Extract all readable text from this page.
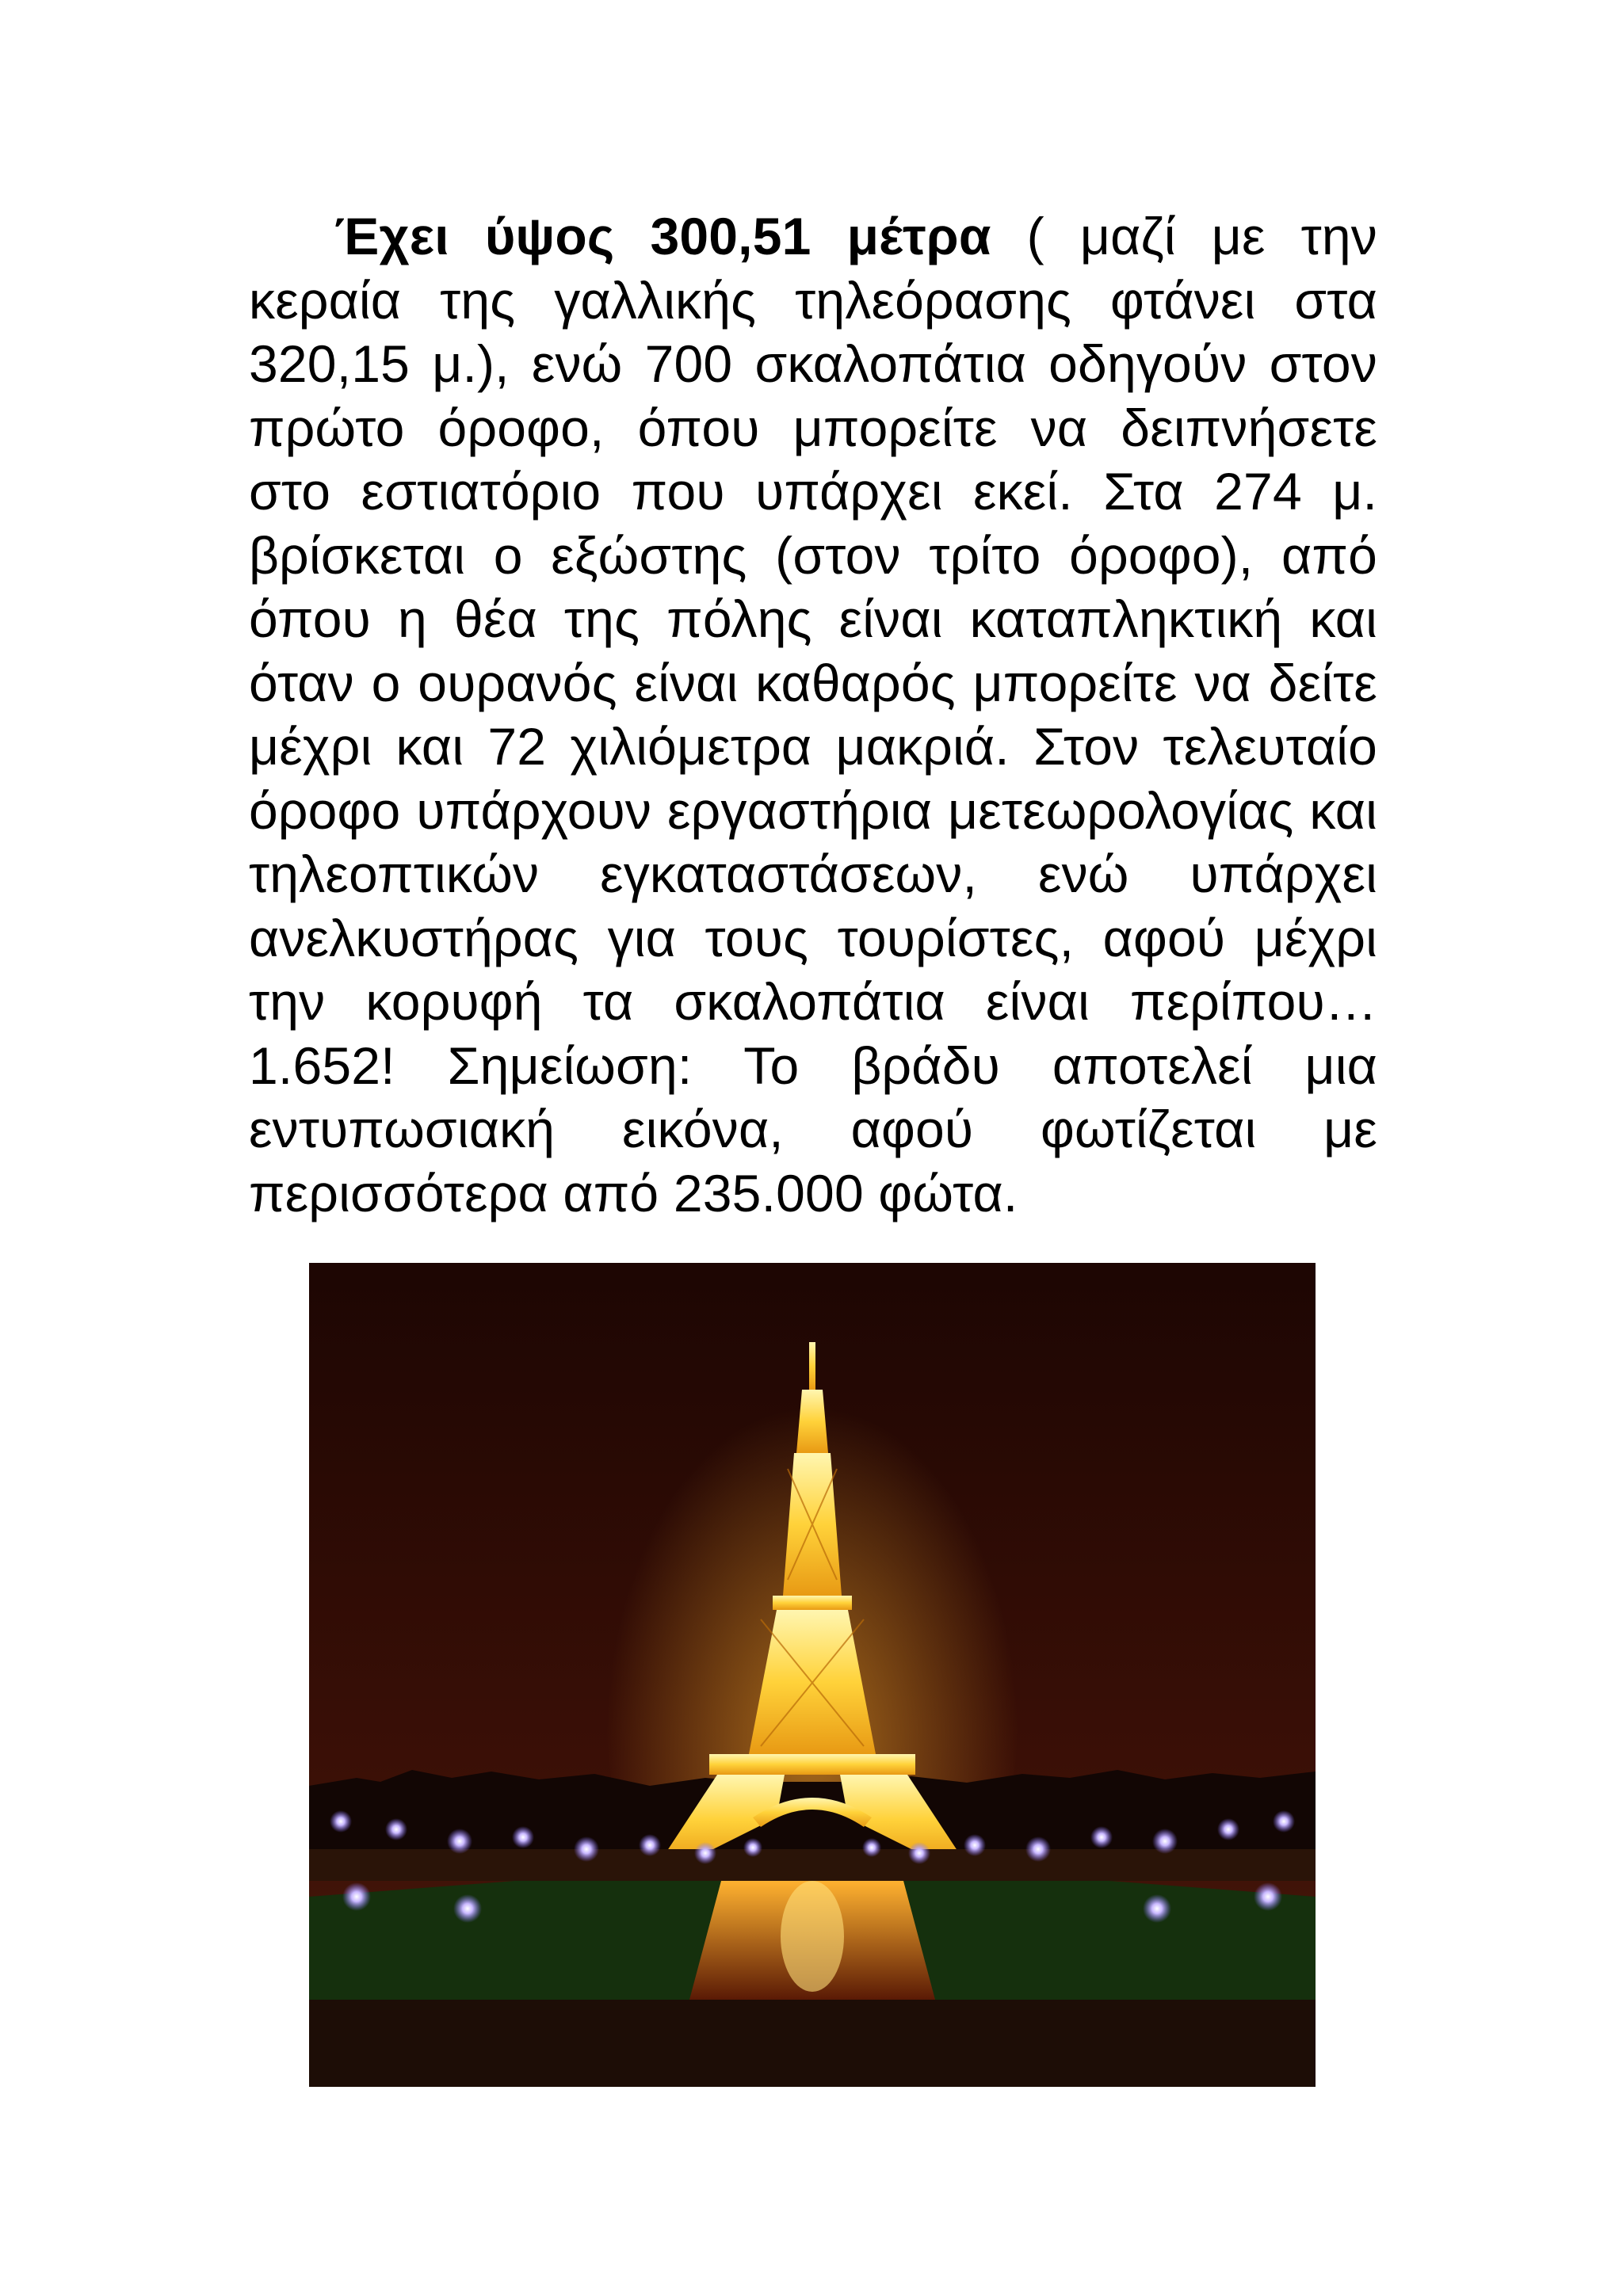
Έχει ύψος 300,51 μέτρα ( μαζί με την κεραία της γαλλικής τηλεόρασης φτάνει στα 320,15 μ.), ενώ 700 σκαλοπάτια οδηγούν στον πρώτο όροφο, όπου μπορείτε να δειπνήσετε στο εστιατόριο που υπάρχει εκεί. Στα 274 μ. βρίσκεται ο εξώστης (στον τρίτο όροφο), από όπου η θέα της πόλης είναι καταπληκτική και όταν ο ουρανός είναι καθαρός μπορείτε να δείτε μέχρι και 72 χιλιόμετρα μακριά. Στον τελευταίο όροφο υπάρχουν εργαστήρια μετεωρολογίας και τηλεοπτικών εγκαταστάσεων, ενώ υπάρχει ανελκυστήρας για τους τουρίστες, αφού μέχρι την κορυφή τα σκαλοπάτια είναι περίπου… 1.652! Σημείωση: Το βράδυ αποτελεί μια εντυπωσιακή εικόνα, αφού φωτίζεται με περισσότερα από 235.000 φώτα.
